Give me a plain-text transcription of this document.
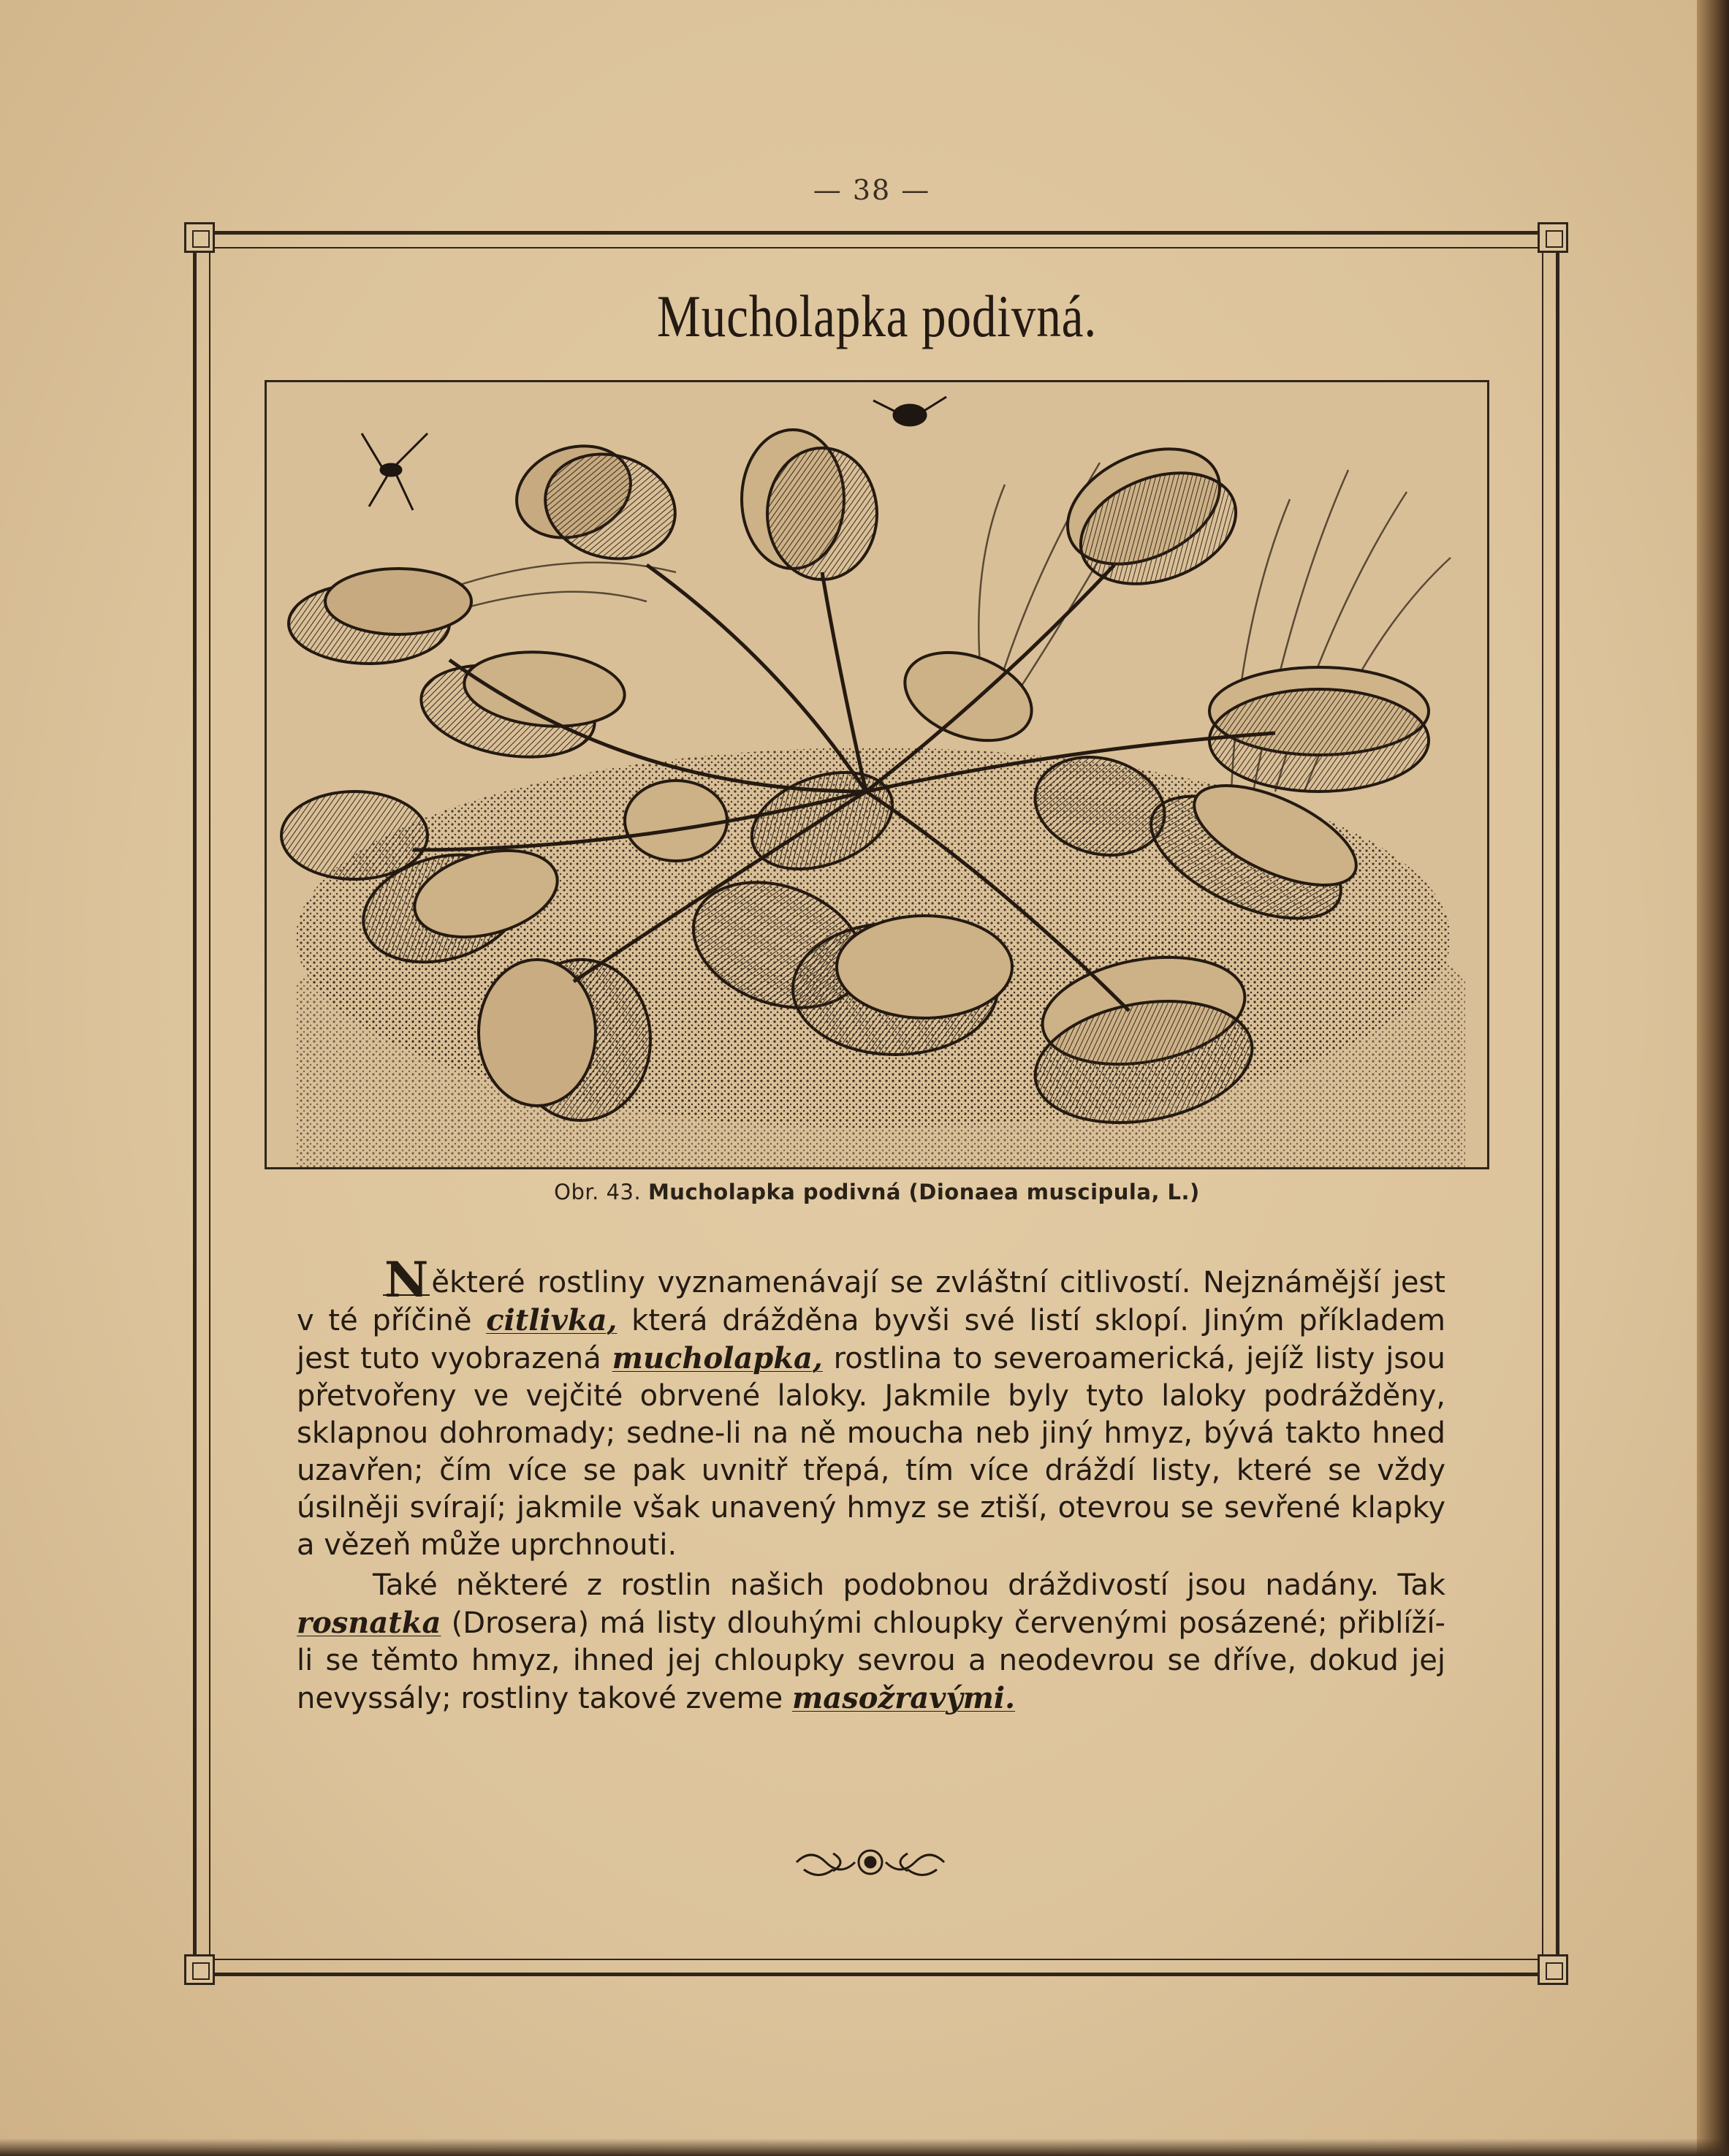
— 38 —
Mucholapka podivná.
Obr. 43. Mucholapka podivná (Dionaea muscipula, L.)

N ěkteré rostliny vyznamenávají se zvláštní citlivostí. Nejznámější jest v té příčině citlivka, která drážděna byvši své listí sklopí. Jiným příkladem jest tuto vyobrazená mucholapka, rostlina to severoamerická, jejíž listy jsou přetvořeny ve vejčité obrvené laloky. Jakmile byly tyto laloky podrážděny, sklapnou dohromady; sedne-li na ně moucha neb jiný hmyz, bývá takto hned uzavřen; čím více se pak uvnitř třepá, tím více dráždí listy, které se vždy úsilněji svírají; jakmile však unavený hmyz se ztiší, otevrou se sevřené klapky a vězeň může uprchnouti.

Také některé z rostlin našich podobnou dráždivostí jsou nadány. Tak rosnatka (Drosera) má listy dlouhými chloupky červenými posázené; přiblíží-li se těmto hmyz, ihned jej chloupky sevrou a neodevrou se dříve, dokud jej nevyssály; rostliny takové zveme masožravými.
